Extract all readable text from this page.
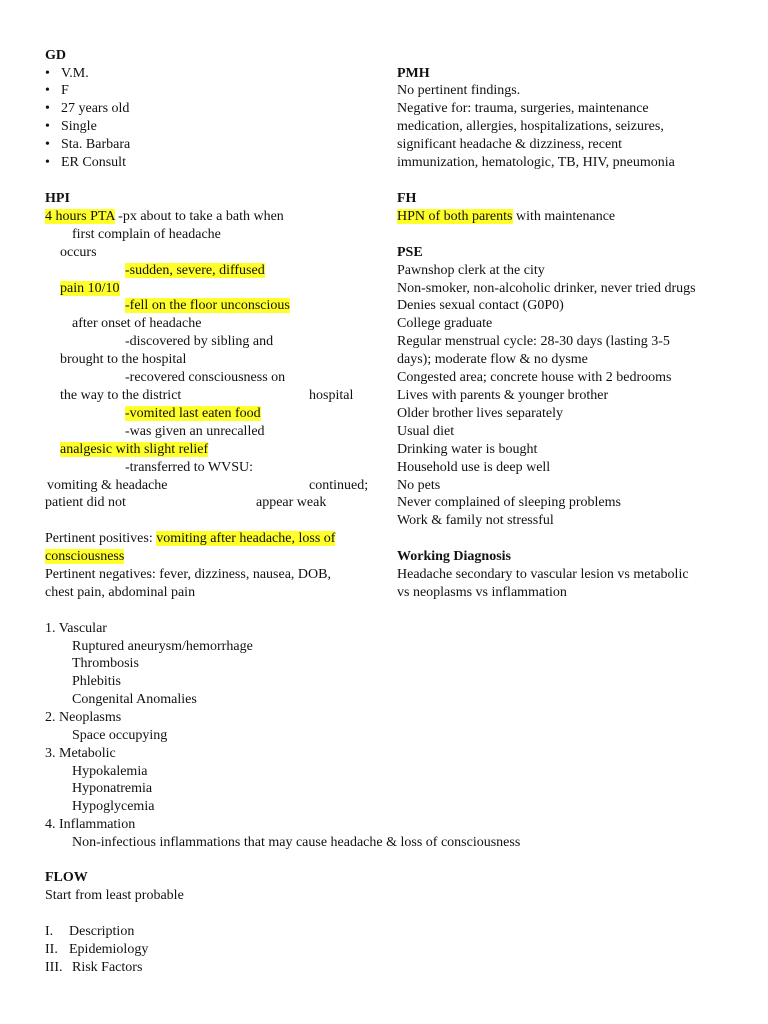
GD
• V.M.
• F
• 27 years old
• Single
• Sta. Barbara
• ER Consult
HPI
4 hours PTA -px about to take a bath when
first complain of headache
occurs
-sudden, severe, diffused
pain 10/10
-fell on the floor unconscious
after onset of headache
-discovered by sibling and
brought to the hospital
-recovered consciousness on
the way to the district	hospital
-vomited last eaten food
-was given an unrecalled
analgesic with slight relief
-transferred to WVSU:
vomiting & headache	continued;
patient did not	appear weak
Pertinent positives: vomiting after headache, loss of
consciousness
Pertinent negatives: fever, dizziness, nausea, DOB,
chest pain, abdominal pain
1. Vascular
Ruptured aneurysm/hemorrhage
Thrombosis
Phlebitis
Congenital Anomalies
2. Neoplasms
Space occupying
3. Metabolic
Hypokalemia
Hyponatremia
Hypoglycemia
4. Inflammation
Non-infectious inflammations that may cause headache & loss of consciousness
FLOW
Start from least probable
I. Description
II. Epidemiology
III. Risk Factors
PMH
No pertinent findings.
Negative for: trauma, surgeries, maintenance
medication, allergies, hospitalizations, seizures,
significant headache & dizziness, recent
immunization, hematologic, TB, HIV, pneumonia
FH
HPN of both parents with maintenance
PSE
Pawnshop clerk at the city
Non-smoker, non-alcoholic drinker, never tried drugs
Denies sexual contact (G0P0)
College graduate
Regular menstrual cycle: 28-30 days (lasting 3-5
days); moderate flow & no dysme
Congested area; concrete house with 2 bedrooms
Lives with parents & younger brother
Older brother lives separately
Usual diet
Drinking water is bought
Household use is deep well
No pets
Never complained of sleeping problems
Work & family not stressful
Working Diagnosis
Headache secondary to vascular lesion vs metabolic
vs neoplasms vs inflammation
